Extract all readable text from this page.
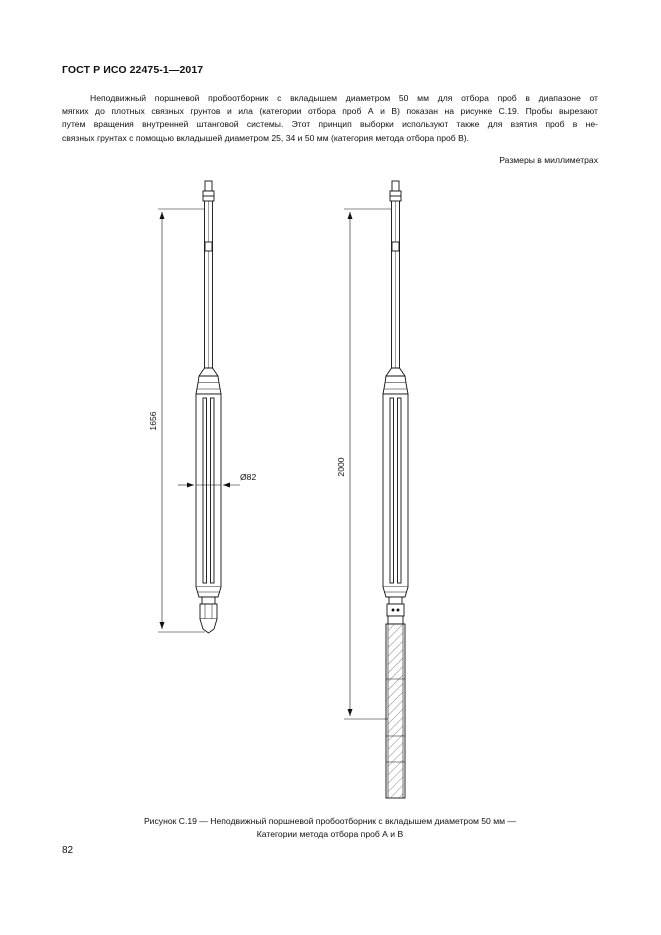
ГОСТ Р ИСО 22475-1—2017
Неподвижный поршневой пробоотборник с вкладышем диаметром 50 мм для отбора проб в диапазоне от
мягких до плотных связных грунтов и ила (категории отбора проб А и В) показан на рисунке С.19. Пробы вырезают
путем вращения внутренней штанговой системы. Этот принцип выборки используют также для взятия проб в не-
связных грунтах с помощью вкладышей диаметром 25, 34 и 50 мм (категория метода отбора проб В).
Размеры в миллиметрах
1656
Ø82
2000
Рисунок С.19 — Неподвижный поршневой пробоотборник с вкладышем диаметром 50 мм —
Категории метода отбора проб А и В
82
